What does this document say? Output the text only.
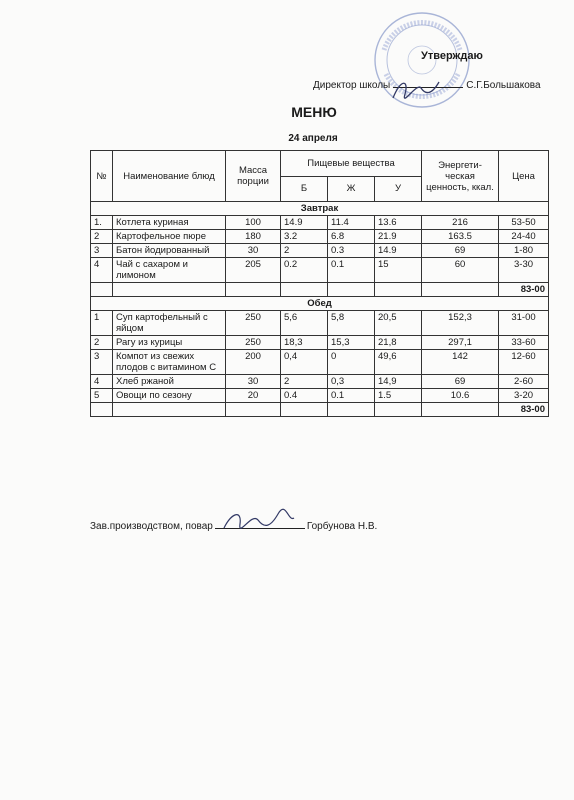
Утверждаю
Директор школы	С.Г.Большакова
МЕНЮ
24 апреля
№	Наименование блюд	Масса порции	Пищевые вещества			Энергети-ческая ценность, ккал.	Цена
			Б	Ж	У		
Завтрак							
1.	Котлета куриная	100	14.9	11.4	13.6	216	53-50
2	Картофельное пюре	180	3.2	6.8	21.9	163.5	24-40
3	Батон йодированный	30	2	0.3	14.9	69	1-80
4	Чай с сахаром и лимоном	205	0.2	0.1	15	60	3-30
							83-00
Обед							
1	Суп картофельный с яйцом	250	5,6	5,8	20,5	152,3	31-00
2	Рагу из курицы	250	18,3	15,3	21,8	297,1	33-60
3	Компот из свежих плодов с витамином С	200	0,4	0	49,6	142	12-60
4	Хлеб ржаной	30	2	0,3	14,9	69	2-60
5	Овощи по сезону	20	0.4	0.1	1.5	10.6	3-20
							83-00
Зав.производством, повар	Горбунова Н.В.
